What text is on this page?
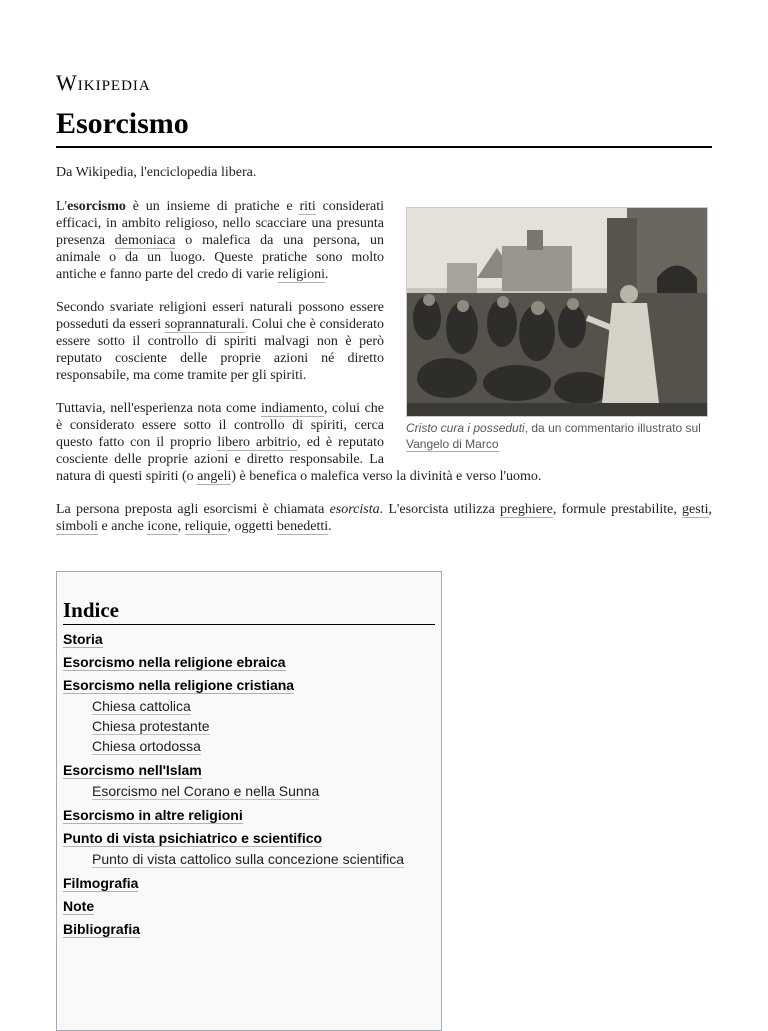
Wikipedia
Esorcismo
Da Wikipedia, l'enciclopedia libera.
Cristo cura i posseduti, da un commentario illustrato sul Vangelo di Marco

L'esorcismo è un insieme di pratiche e riti considerati efficaci, in ambito religioso, nello scacciare una presunta presenza demoniaca o malefica da una persona, un animale o da un luogo. Queste pratiche sono molto antiche e fanno parte del credo di varie religioni.

Secondo svariate religioni esseri naturali possono essere posseduti da esseri soprannaturali. Colui che è considerato essere sotto il controllo di spiriti malvagi non è però reputato cosciente delle proprie azioni né diretto responsabile, ma come tramite per gli spiriti.

Tuttavia, nell'esperienza nota come indiamento, colui che è considerato essere sotto il controllo di spiriti, cerca questo fatto con il proprio libero arbitrio, ed è reputato cosciente delle proprie azioni e diretto responsabile. La natura di questi spiriti (o angeli) è benefica o malefica verso la divinità e verso l'uomo.

La persona preposta agli esorcismi è chiamata esorcista. L'esorcista utilizza preghiere, formule prestabilite, gesti, simboli e anche icone, reliquie, oggetti benedetti.

Indice
Storia
Esorcismo nella religione ebraica
Esorcismo nella religione cristiana
Chiesa cattolica
Chiesa protestante
Chiesa ortodossa
Esorcismo nell'Islam
Esorcismo nel Corano e nella Sunna
Esorcismo in altre religioni
Punto di vista psichiatrico e scientifico
Punto di vista cattolico sulla concezione scientifica
Filmografia
Note
Bibliografia
